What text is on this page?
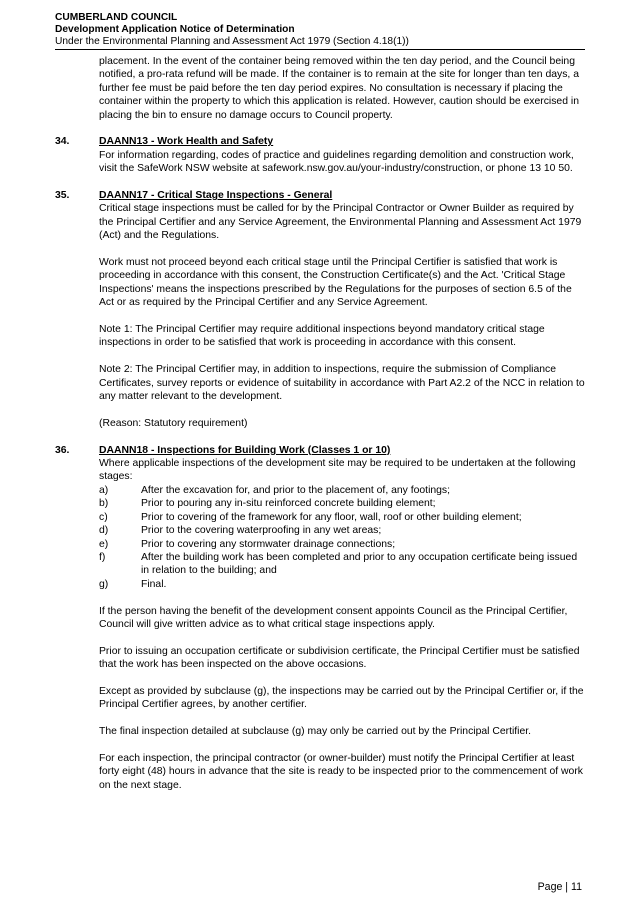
CUMBERLAND COUNCIL
Development Application Notice of Determination
Under the Environmental Planning and Assessment Act 1979 (Section 4.18(1))

placement. In the event of the container being removed within the ten day period, and the Council being notified, a pro-rata refund will be made. If the container is to remain at the site for longer than ten days, a further fee must be paid before the ten day period expires. No consultation is necessary if placing the container within the property to which this application is related. However, caution should be exercised in placing the bin to ensure no damage occurs to Council property.

34.	DAANN13 - Work Health and Safety

For information regarding, codes of practice and guidelines regarding demolition and construction work, visit the SafeWork NSW website at safework.nsw.gov.au/your-industry/construction, or phone 13 10 50.

35.	DAANN17 - Critical Stage Inspections - General

Critical stage inspections must be called for by the Principal Contractor or Owner Builder as required by the Principal Certifier and any Service Agreement, the Environmental Planning and Assessment Act 1979 (Act) and the Regulations.

Work must not proceed beyond each critical stage until the Principal Certifier is satisfied that work is proceeding in accordance with this consent, the Construction Certificate(s) and the Act. 'Critical Stage Inspections' means the inspections prescribed by the Regulations for the purposes of section 6.5 of the Act or as required by the Principal Certifier and any Service Agreement.

Note 1: The Principal Certifier may require additional inspections beyond mandatory critical stage inspections in order to be satisfied that work is proceeding in accordance with this consent.

Note 2: The Principal Certifier may, in addition to inspections, require the submission of Compliance Certificates, survey reports or evidence of suitability in accordance with Part A2.2 of the NCC in relation to any matter relevant to the development.

(Reason: Statutory requirement)

36.	DAANN18 - Inspections for Building Work (Classes 1 or 10)

Where applicable inspections of the development site may be required to be undertaken at the following stages:

a)	After the excavation for, and prior to the placement of, any footings;
b)	Prior to pouring any in-situ reinforced concrete building element;
c)	Prior to covering of the framework for any floor, wall, roof or other building element;
d)	Prior to the covering waterproofing in any wet areas;
e)	Prior to covering any stormwater drainage connections;
f)	After the building work has been completed and prior to any occupation certificate being issued in relation to the building; and
g)	Final.

If the person having the benefit of the development consent appoints Council as the Principal Certifier, Council will give written advice as to what critical stage inspections apply.

Prior to issuing an occupation certificate or subdivision certificate, the Principal Certifier must be satisfied that the work has been inspected on the above occasions.

Except as provided by subclause (g), the inspections may be carried out by the Principal Certifier or, if the Principal Certifier agrees, by another certifier.

The final inspection detailed at subclause (g) may only be carried out by the Principal Certifier.

For each inspection, the principal contractor (or owner-builder) must notify the Principal Certifier at least forty eight (48) hours in advance that the site is ready to be inspected prior to the commencement of work on the next stage.

Page | 11
